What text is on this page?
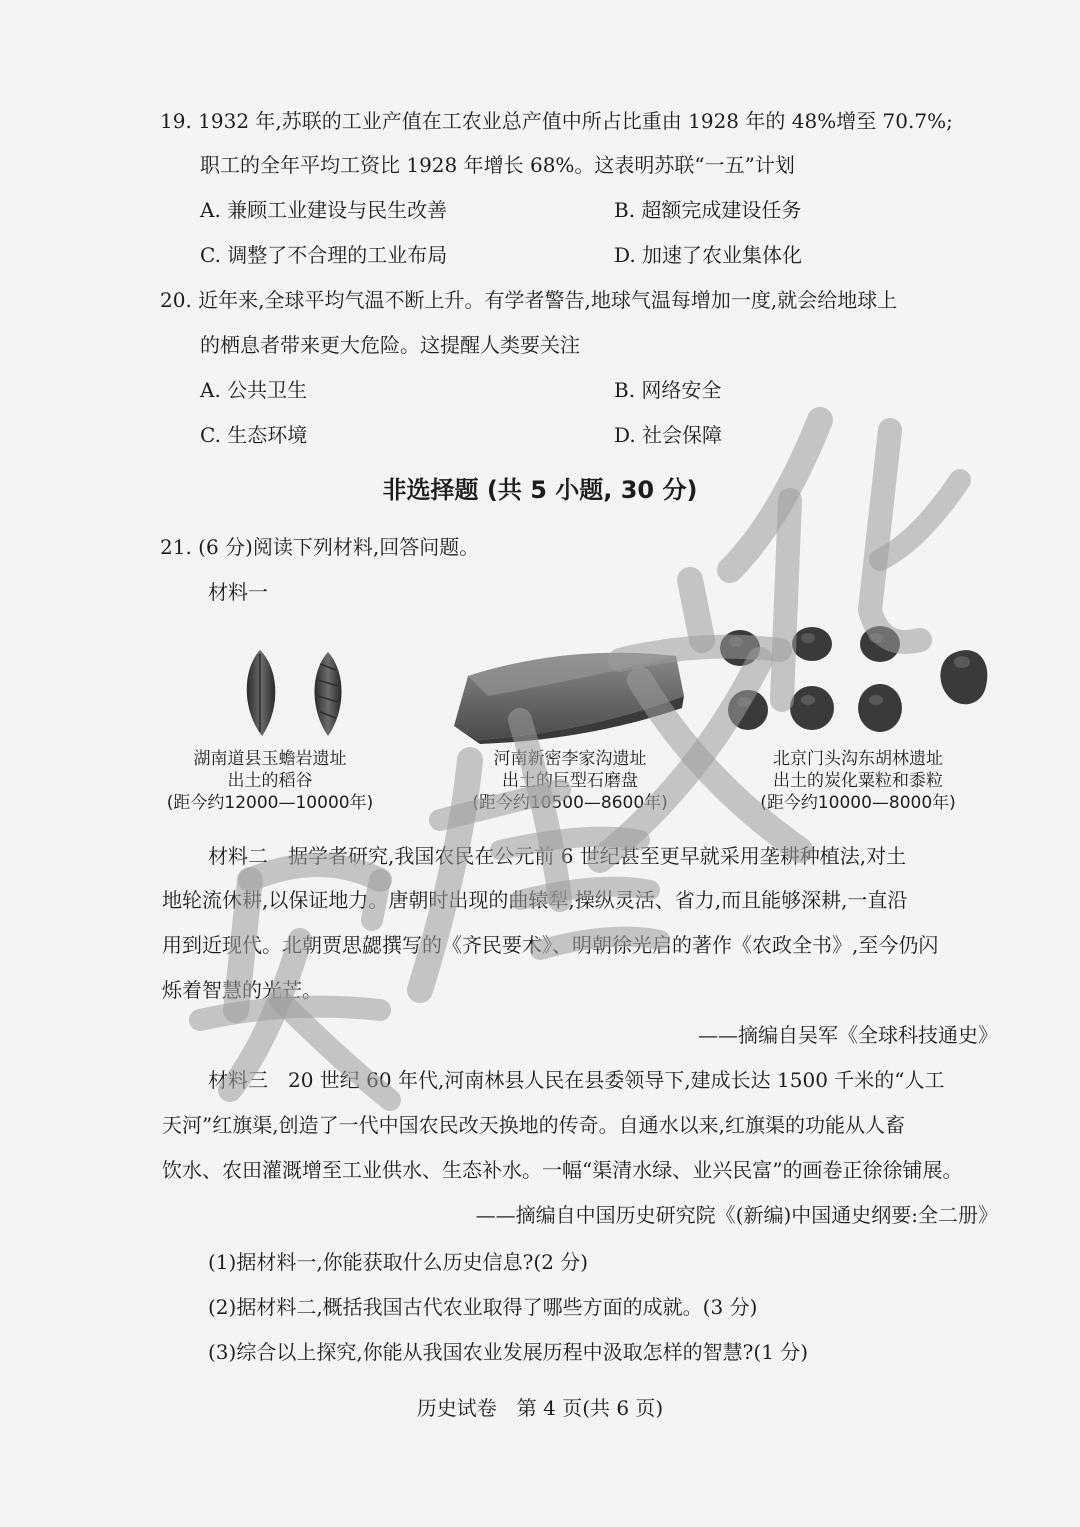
19. 1932 年,苏联的工业产值在工农业总产值中所占比重由 1928 年的 48%增至 70.7%;
职工的全年平均工资比 1928 年增长 68%。这表明苏联“一五”计划
A. 兼顾工业建设与民生改善	B. 超额完成建设任务
C. 调整了不合理的工业布局	D. 加速了农业集体化
20. 近年来,全球平均气温不断上升。有学者警告,地球气温每增加一度,就会给地球上
的栖息者带来更大危险。这提醒人类要关注
A. 公共卫生	B. 网络安全
C. 生态环境	D. 社会保障
非选择题 (共 5 小题, 30 分)
21. (6 分)阅读下列材料,回答问题。
材料一
湖南道县玉蟾岩遗址
出土的稻谷
(距今约12000—10000年)
河南新密李家沟遗址
出土的巨型石磨盘
(距今约10500—8600年)
北京门头沟东胡林遗址
出土的炭化粟粒和黍粒
(距今约10000—8000年)
材料二　据学者研究,我国农民在公元前 6 世纪甚至更早就采用垄耕种植法,对土
地轮流休耕,以保证地力。唐朝时出现的曲辕犁,操纵灵活、省力,而且能够深耕,一直沿
用到近现代。北朝贾思勰撰写的《齐民要术》、明朝徐光启的著作《农政全书》,至今仍闪
烁着智慧的光芒。
——摘编自吴军《全球科技通史》
材料三　20 世纪 60 年代,河南林县人民在县委领导下,建成长达 1500 千米的“人工
天河”红旗渠,创造了一代中国农民改天换地的传奇。自通水以来,红旗渠的功能从人畜
饮水、农田灌溉增至工业供水、生态补水。一幅“渠清水绿、业兴民富”的画卷正徐徐铺展。
——摘编自中国历史研究院《(新编)中国通史纲要:全二册》
(1)据材料一,你能获取什么历史信息?(2 分)
(2)据材料二,概括我国古代农业取得了哪些方面的成就。(3 分)
(3)综合以上探究,你能从我国农业发展历程中汲取怎样的智慧?(1 分)
历史试卷　第 4 页(共 6 页)
